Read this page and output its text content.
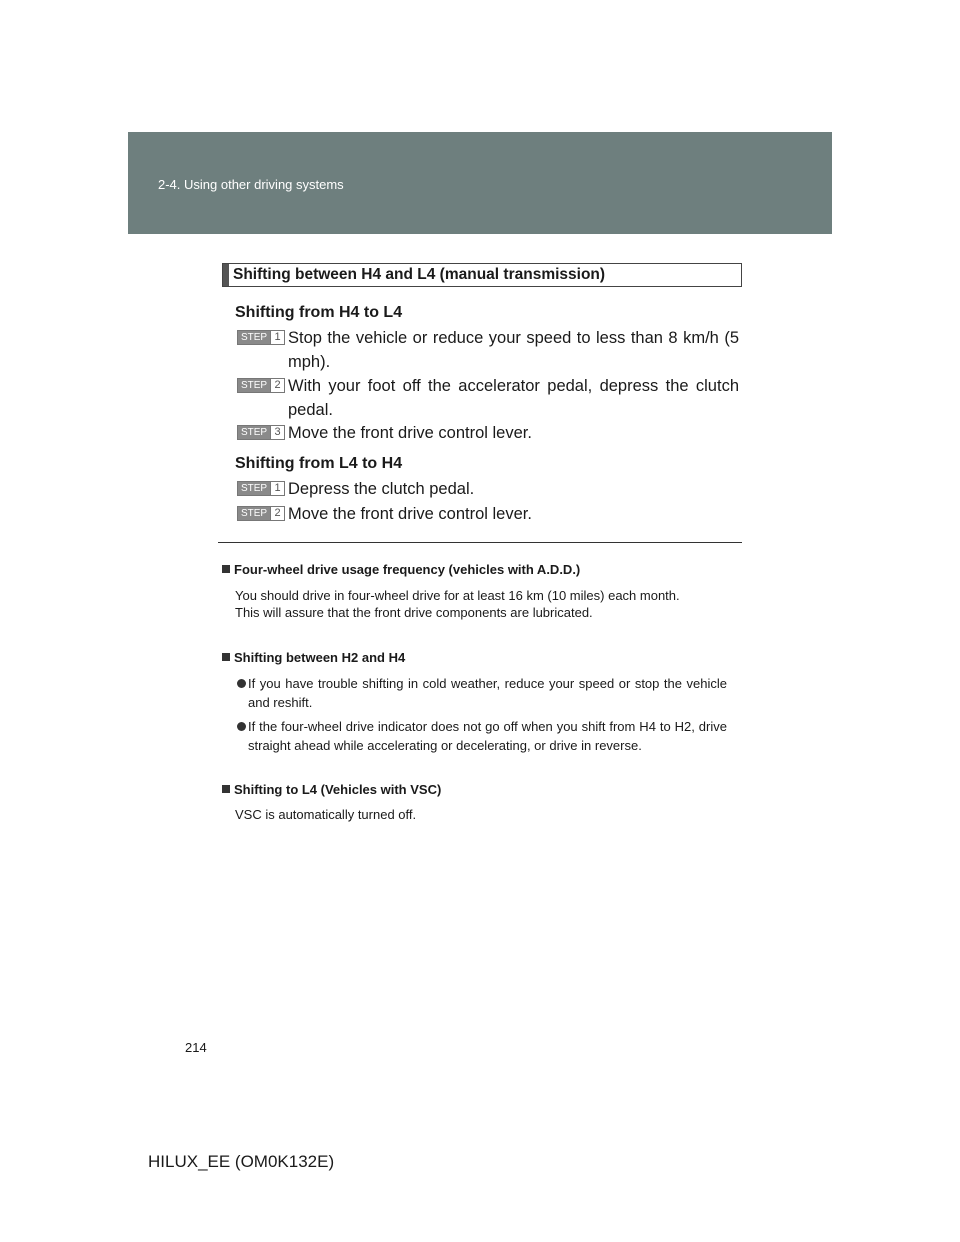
2-4. Using other driving systems
Shifting between H4 and L4 (manual transmission)
Shifting from H4 to L4
STEP 1 Stop the vehicle or reduce your speed to less than 8 km/h (5 mph).
STEP 2 With your foot off the accelerator pedal, depress the clutch pedal.
STEP 3 Move the front drive control lever.
Shifting from L4 to H4
STEP 1 Depress the clutch pedal.
STEP 2 Move the front drive control lever.
Four-wheel drive usage frequency (vehicles with A.D.D.)
You should drive in four-wheel drive for at least 16 km (10 miles) each month.
This will assure that the front drive components are lubricated.
Shifting between H2 and H4
If you have trouble shifting in cold weather, reduce your speed or stop the vehicle and reshift.
If the four-wheel drive indicator does not go off when you shift from H4 to H2, drive straight ahead while accelerating or decelerating, or drive in reverse.
Shifting to L4 (Vehicles with VSC)
VSC is automatically turned off.
214
HILUX_EE (OM0K132E)
